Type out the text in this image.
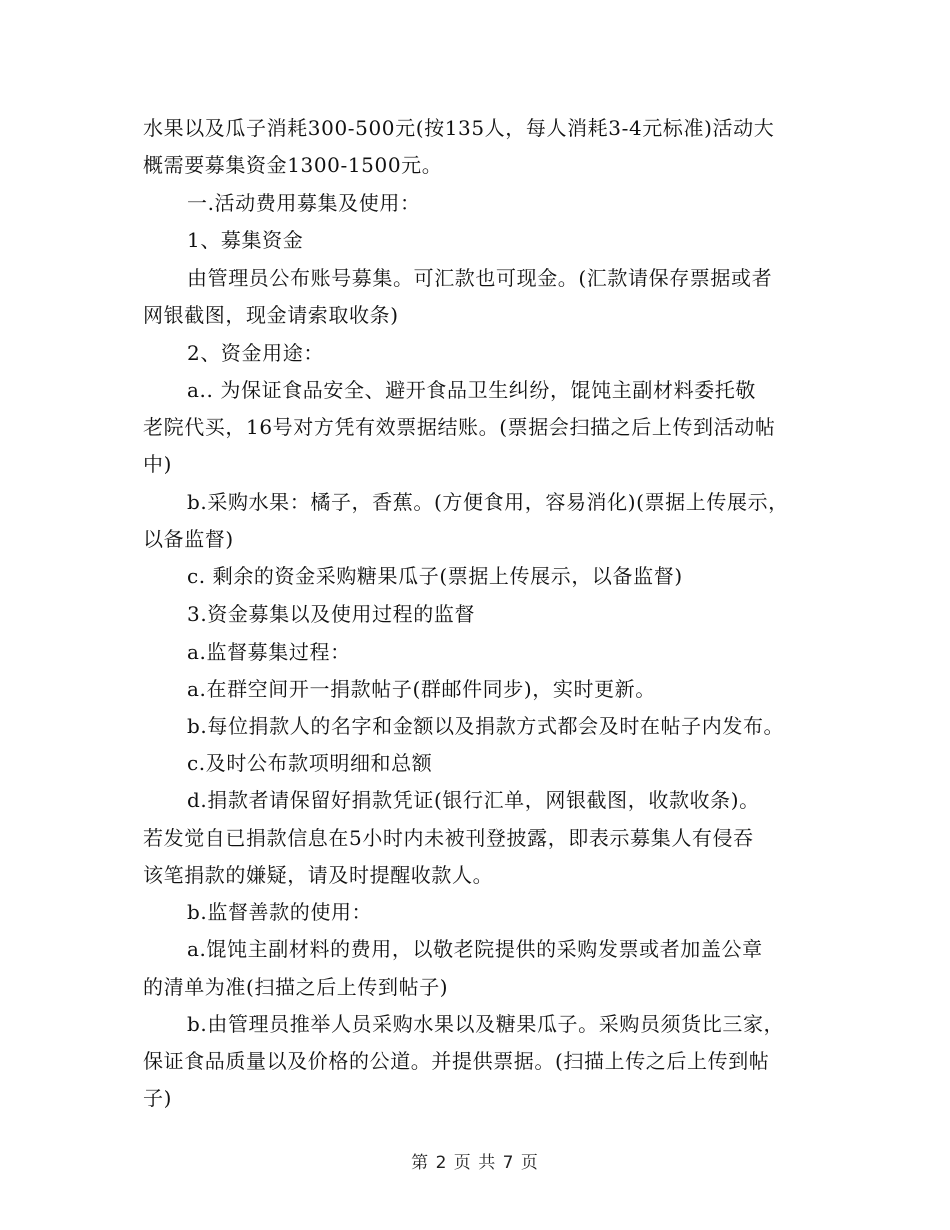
水果以及瓜子消耗300-500元(按135人，每人消耗3-4元标准)活动大
概需要募集资金1300-1500元。
一.活动费用募集及使用：
1、募集资金
由管理员公布账号募集。可汇款也可现金。(汇款请保存票据或者
网银截图，现金请索取收条)
2、资金用途：
a.. 为保证食品安全、避开食品卫生纠纷，馄饨主副材料委托敬
老院代买，16号对方凭有效票据结账。(票据会扫描之后上传到活动帖
中)
b.采购水果：橘子，香蕉。(方便食用，容易消化)(票据上传展示，
以备监督)
c. 剩余的资金采购糖果瓜子(票据上传展示，以备监督)
3.资金募集以及使用过程的监督
a.监督募集过程：
a.在群空间开一捐款帖子(群邮件同步)，实时更新。
b.每位捐款人的名字和金额以及捐款方式都会及时在帖子内发布。
c.及时公布款项明细和总额
d.捐款者请保留好捐款凭证(银行汇单，网银截图，收款收条)。
若发觉自已捐款信息在5小时内未被刊登披露，即表示募集人有侵吞
该笔捐款的嫌疑，请及时提醒收款人。
b.监督善款的使用：
a.馄饨主副材料的费用，以敬老院提供的采购发票或者加盖公章
的清单为准(扫描之后上传到帖子)
b.由管理员推举人员采购水果以及糖果瓜子。采购员须货比三家，
保证食品质量以及价格的公道。并提供票据。(扫描上传之后上传到帖
子)
第 2 页 共 7 页
